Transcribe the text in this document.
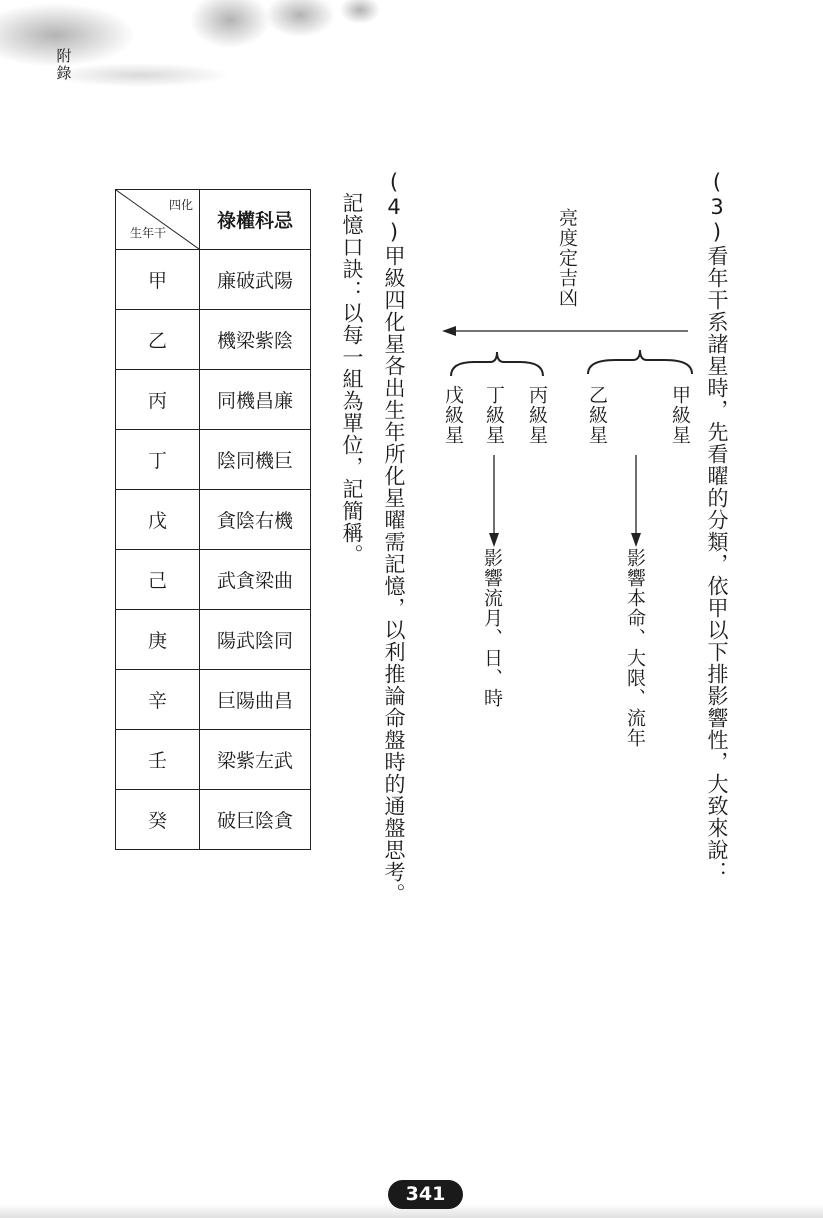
附錄
(3)看年干系諸星時，先看曜的分類，依甲以下排影響性，大致來說：
亮度定吉凶
甲級星
乙級星
影響本命、大限、流年
丙級星
丁級星
戊級星
影響流月、日、時
(4)甲級四化星各出生年所化星曜需記憶，以利推論命盤時的通盤思考。
記憶口訣：以每一組為單位，記簡稱。
四化
生年干	祿權科忌
甲	廉破武陽
乙	機梁紫陰
丙	同機昌廉
丁	陰同機巨
戊	貪陰右機
己	武貪梁曲
庚	陽武陰同
辛	巨陽曲昌
壬	梁紫左武
癸	破巨陰貪
341
